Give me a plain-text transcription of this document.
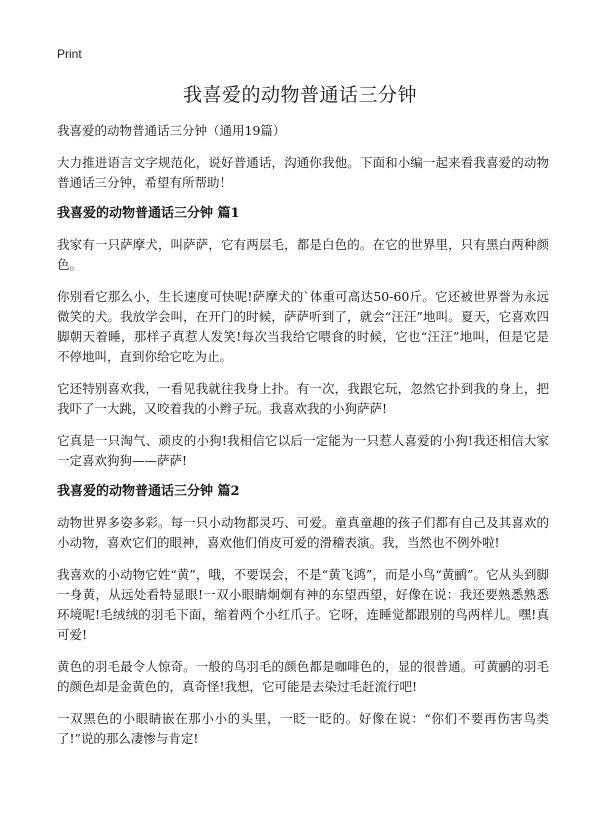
Print
我喜爱的动物普通话三分钟

我喜爱的动物普通话三分钟（通用19篇）

大力推进语言文字规范化，说好普通话，沟通你我他。下面和小编一起来看我喜爱的动物普通话三分钟，希望有所帮助！

我喜爱的动物普通话三分钟 篇1

我家有一只萨摩犬，叫萨萨，它有两层毛，都是白色的。在它的世界里，只有黑白两种颜色。

你别看它那么小，生长速度可快呢!萨摩犬的`体重可高达50-60斤。它还被世界誉为永远微笑的犬。我放学会叫，在开门的时候，萨萨听到了，就会“汪汪”地叫。夏天，它喜欢四脚朝天着睡，那样子真惹人发笑!每次当我给它喂食的时候，它也“汪汪”地叫，但是它是不停地叫，直到你给它吃为止。

它还特别喜欢我，一看见我就往我身上扑。有一次，我跟它玩，忽然它扑到我的身上，把我吓了一大跳，又咬着我的小辫子玩。我喜欢我的小狗萨萨!

它真是一只淘气、顽皮的小狗!我相信它以后一定能为一只惹人喜爱的小狗!我还相信大家一定喜欢狗狗——萨萨!

我喜爱的动物普通话三分钟 篇2

动物世界多姿多彩。每一只小动物都灵巧、可爱。童真童趣的孩子们都有自己及其喜欢的小动物，喜欢它们的眼神，喜欢他们俏皮可爱的滑稽表演。我，当然也不例外啦!

我喜欢的小动物它姓“黄”，哦，不要误会，不是“黄飞鸿”，而是小鸟“黄鹂”。它从头到脚一身黄，从远处看特显眼!一双小眼睛炯炯有神的东望西望，好像在说：我还要熟悉熟悉环境呢!毛绒绒的羽毛下面，缩着两个小红爪子。它呀，连睡觉都跟别的鸟两样儿。嘿!真可爱!

黄色的羽毛最令人惊奇。一般的鸟羽毛的颜色都是咖啡色的，显的很普通。可黄鹂的羽毛的颜色却是金黄色的，真奇怪!我想，它可能是去染过毛赶流行吧!

一双黑色的小眼睛嵌在那小小的头里，一眨一眨的。好像在说：“你们不要再伤害鸟类了!”说的那么凄惨与肯定!
